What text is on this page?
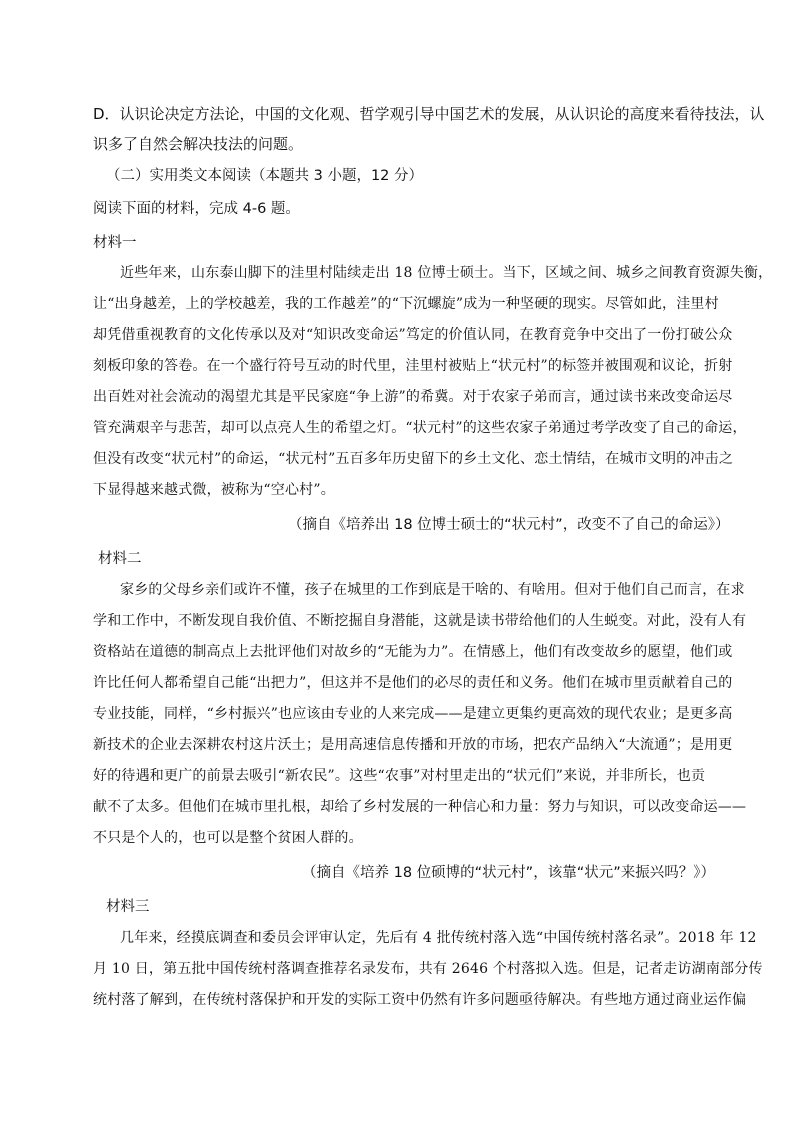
D．认识论决定方法论，中国的文化观、哲学观引导中国艺术的发展，从认识论的高度来看待技法，认
识多了自然会解决技法的问题。
（二）实用类文本阅读（本题共 3 小题，12 分）
阅读下面的材料，完成 4-6 题。
材料一
近些年来，山东泰山脚下的洼里村陆续走出 18 位博士硕士。当下，区域之间、城乡之间教育资源失衡，
让“出身越差，上的学校越差，我的工作越差”的“下沉螺旋”成为一种坚硬的现实。尽管如此，洼里村
却凭借重视教育的文化传承以及对“知识改变命运”笃定的价值认同，在教育竞争中交出了一份打破公众
刻板印象的答卷。在一个盛行符号互动的时代里，洼里村被贴上“状元村”的标签并被围观和议论，折射
出百姓对社会流动的渴望尤其是平民家庭“争上游”的希冀。对于农家子弟而言，通过读书来改变命运尽
管充满艰辛与悲苦，却可以点亮人生的希望之灯。“状元村”的这些农家子弟通过考学改变了自己的命运，
但没有改变“状元村”的命运，“状元村”五百多年历史留下的乡土文化、恋土情结，在城市文明的冲击之
下显得越来越式微，被称为“空心村”。
（摘自《培养出 18 位博士硕士的“状元村”，改变不了自己的命运》）
材料二
家乡的父母乡亲们或许不懂，孩子在城里的工作到底是干啥的、有啥用。但对于他们自己而言，在求
学和工作中，不断发现自我价值、不断挖掘自身潜能，这就是读书带给他们的人生蜕变。对此，没有人有
资格站在道德的制高点上去批评他们对故乡的“无能为力”。在情感上，他们有改变故乡的愿望，他们或
许比任何人都希望自己能“出把力”，但这并不是他们的必尽的责任和义务。他们在城市里贡献着自己的
专业技能，同样，“乡村振兴”也应该由专业的人来完成——是建立更集约更高效的现代农业；是更多高
新技术的企业去深耕农村这片沃土；是用高速信息传播和开放的市场，把农产品纳入“大流通”；是用更
好的待遇和更广的前景去吸引“新农民”。这些“农事”对村里走出的“状元们”来说，并非所长，也贡
献不了太多。但他们在城市里扎根，却给了乡村发展的一种信心和力量：努力与知识，可以改变命运——
不只是个人的，也可以是整个贫困人群的。
（摘自《培养 18 位硕博的“状元村”，该靠“状元”来振兴吗？》）
材料三
几年来，经摸底调查和委员会评审认定，先后有 4 批传统村落入选“中国传统村落名录”。2018 年 12
月 10 日，第五批中国传统村落调查推荐名录发布，共有 2646 个村落拟入选。但是，记者走访湖南部分传
统村落了解到，在传统村落保护和开发的实际工资中仍然有许多问题亟待解决。有些地方通过商业运作偏
